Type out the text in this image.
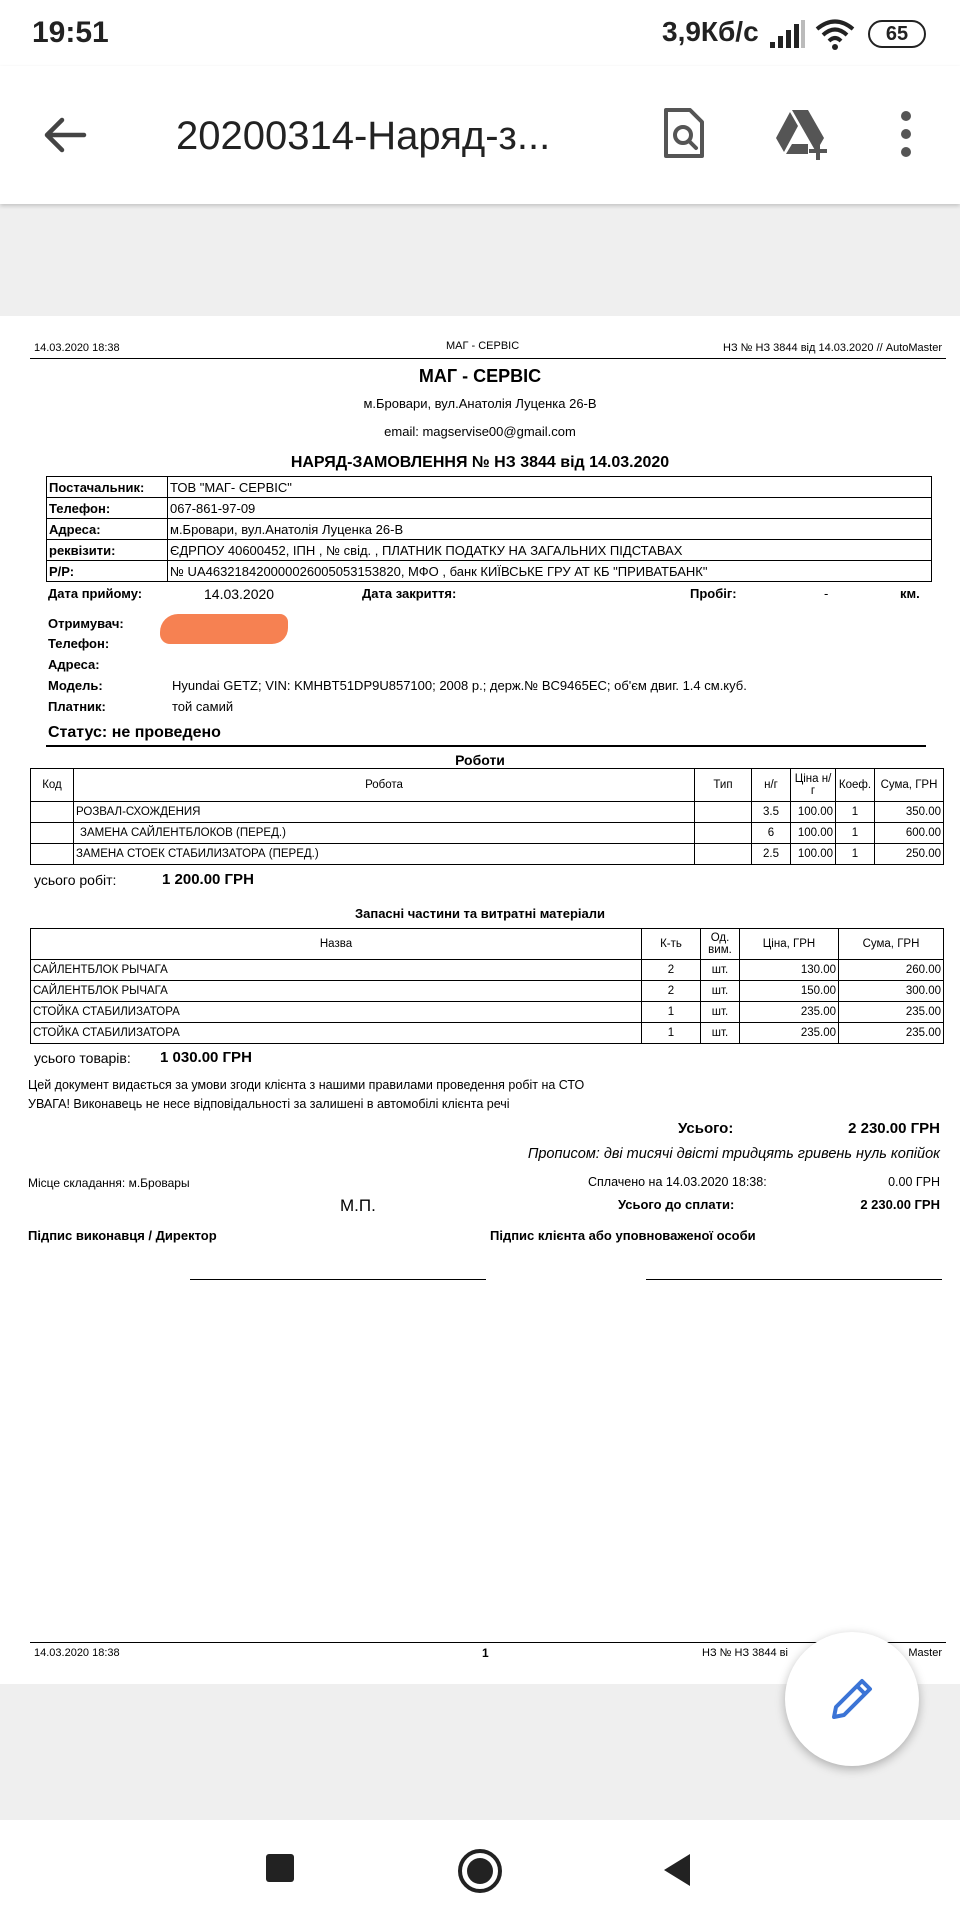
19:51	3,9Кб/с	65
20200314-Наряд-з...
14.03.2020 18:38	МАГ - СЕРВІС	НЗ № НЗ 3844 від 14.03.2020 // AutoMaster
МАГ - СЕРВІС
м.Бровари, вул.Анатолія Луценка 26-В
email: magservise00@gmail.com
НАРЯД-ЗАМОВЛЕННЯ № НЗ 3844 від 14.03.2020
Постачальник:	ТОВ "МАГ- СЕРВІС"
Телефон:	067-861-97-09
Адреса:	м.Бровари, вул.Анатолія Луценка 26-В
реквізити:	ЄДРПОУ 40600452, ІПН , № свід. , ПЛАТНИК ПОДАТКУ НА ЗАГАЛЬНИХ ПІДСТАВАХ
Р/Р:	№ UA463218420000026005053153820, МФО , банк КИЇВСЬКЕ ГРУ АТ КБ "ПРИВАТБАНК"
Дата прийому:	14.03.2020	Дата закриття:	Пробіг:	-	км.
Отримувач:
Телефон:
Адреса:
Модель:	Hyundai GETZ; VIN: KMHBT51DP9U857100; 2008 р.; держ.№ BC9465EC; об'єм двиг. 1.4 см.куб.
Платник:	той самий
Статус: не проведено
Роботи
Код	Робота	Тип	н/г	Ціна н/г	Коеф.	Сума, ГРН
	РОЗВАЛ-СХОЖДЕНИЯ		3.5	100.00	1	350.00
	ЗАМЕНА САЙЛЕНТБЛОКОВ (ПЕРЕД.)		6	100.00	1	600.00
	ЗАМЕНА СТОЕК СТАБИЛИЗАТОРА (ПЕРЕД.)		2.5	100.00	1	250.00
усього робіт:	1 200.00 ГРН
Запасні частини та витратні матеріали
Назва	К-ть	Од. вим.	Ціна, ГРН	Сума, ГРН
САЙЛЕНТБЛОК РЫЧАГА	2	шт.	130.00	260.00
САЙЛЕНТБЛОК РЫЧАГА	2	шт.	150.00	300.00
СТОЙКА СТАБИЛИЗАТОРА	1	шт.	235.00	235.00
СТОЙКА СТАБИЛИЗАТОРА	1	шт.	235.00	235.00
усього товарів: 1 030.00 ГРН
Цей документ видається за умови згоди клієнта з нашими правилами проведення робіт на СТО
УВАГА! Виконавець не несе відповідальності за залишені в автомобілі клієнта речі
Усього:	2 230.00 ГРН
Прописом: дві тисячі двісті тридцять гривень нуль копійок
Місце складання: м.Бровары	Сплачено на 14.03.2020 18:38:	0.00 ГРН
М.П.	Усього до сплати:	2 230.00 ГРН
Підпис виконавця / Директор	Підпис клієнта або уповноваженої особи
14.03.2020 18:38	1	НЗ № НЗ 3844 ві	Master
